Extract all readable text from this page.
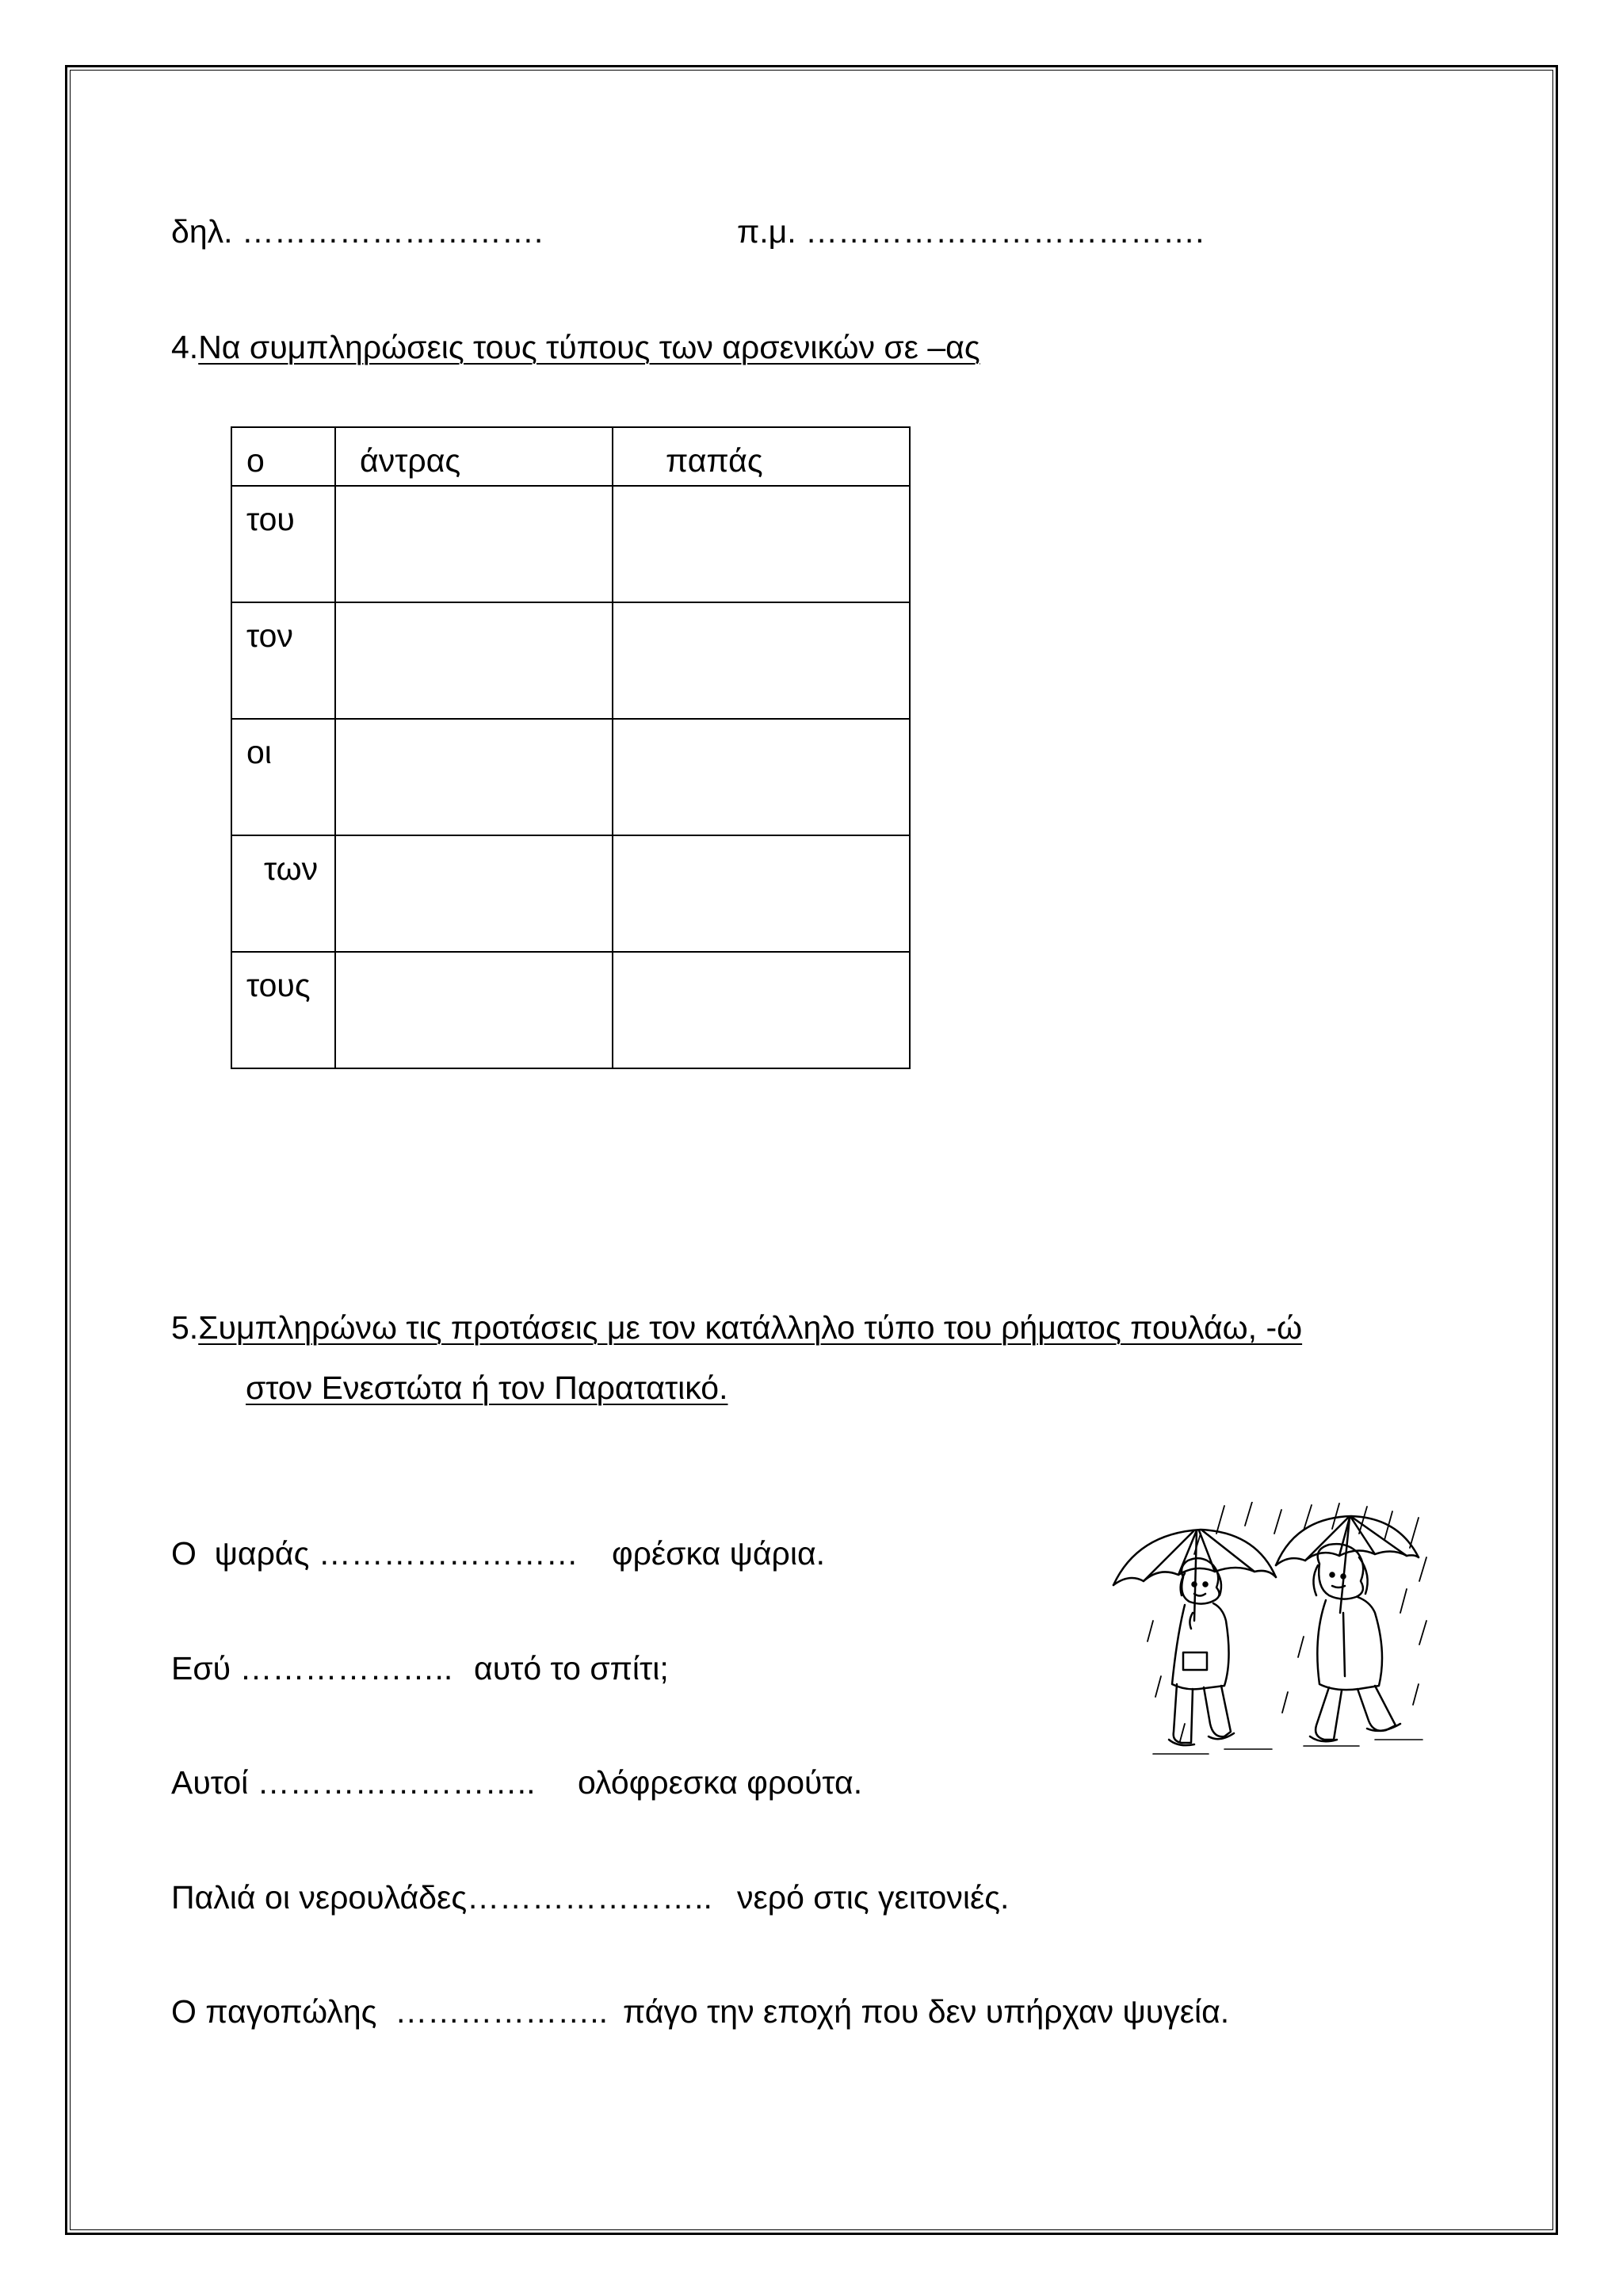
δηλ. ……………………….	π.μ. ……………………………….
4.Να συμπληρώσεις τους τύπους των αρσενικών σε –ας
ο	άντρας	παπάς

του		

τον		

οι		

των		

τους		

5.Συμπληρώνω τις προτάσεις με τον κατάλληλο τύπο του ρήματος πουλάω, -ώ
στον Ενεστώτα ή τον Παρατατικό.
Ο  ψαράς …………………… φρέσκα ψάρια.
Εσύ ……………….. αυτό το σπίτι;
Αυτοί …………………….. ολόφρεσκα φρούτα.
Παλιά οι νερουλάδες………………….. νερό στις γειτονιές.
Ο παγοπώλης  ……………….. πάγο την εποχή που δεν υπήρχαν ψυγεία.
